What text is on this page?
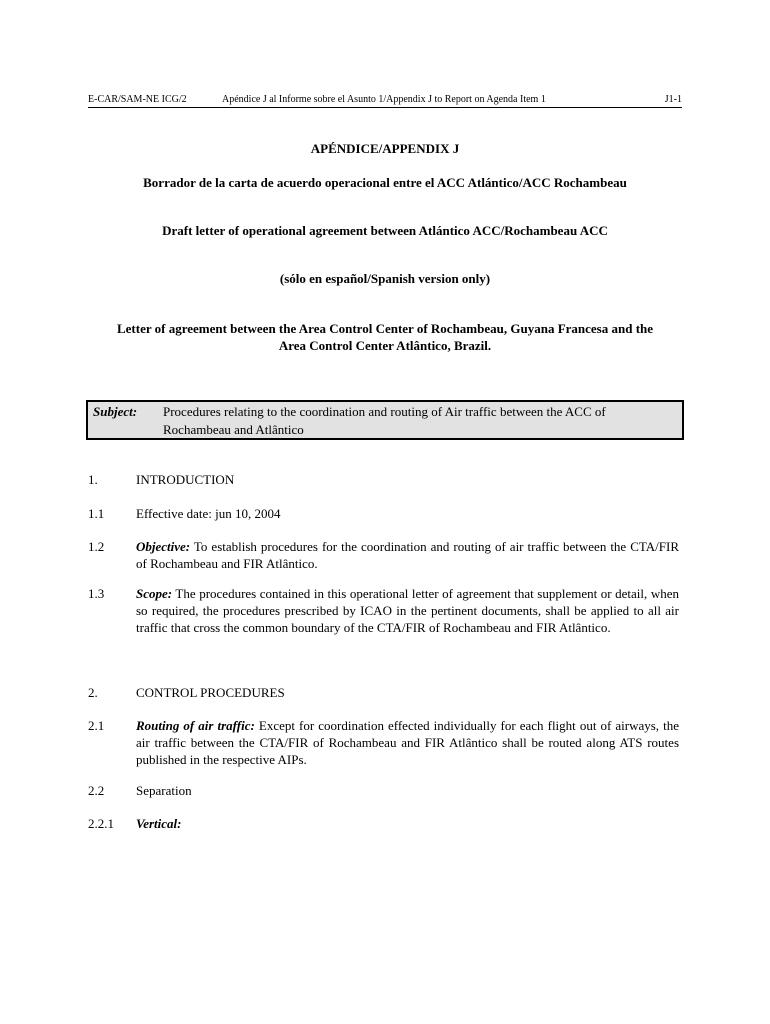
E-CAR/SAM-NE ICG/2	Apéndice J al Informe sobre el Asunto 1/Appendix J to Report on Agenda Item 1	J1-1
APÉNDICE/APPENDIX J
Borrador de la carta de acuerdo operacional entre el ACC Atlántico/ACC Rochambeau
Draft letter of operational agreement between Atlántico ACC/Rochambeau ACC
(sólo en español/Spanish version only)
Letter of agreement between the Area Control Center of Rochambeau, Guyana Francesa and the
Area Control Center Atlântico, Brazil.
Subject: Procedures relating to the coordination and routing of Air traffic between the ACC of Rochambeau and Atlântico
1.	INTRODUCTION
1.1 Effective date: jun 10, 2004
1.2 Objective: To establish procedures for the coordination and routing of air traffic between the CTA/FIR of Rochambeau and FIR Atlântico.
1.3 Scope: The procedures contained in this operational letter of agreement that supplement or detail, when so required, the procedures prescribed by ICAO in the pertinent documents, shall be applied to all air traffic that cross the common boundary of the CTA/FIR of Rochambeau and FIR Atlântico.
2.	CONTROL PROCEDURES
2.1 Routing of air traffic: Except for coordination effected individually for each flight out of airways, the air traffic between the CTA/FIR of Rochambeau and FIR Atlântico shall be routed along ATS routes published in the respective AIPs.
2.2 Separation
2.2.1 Vertical:
